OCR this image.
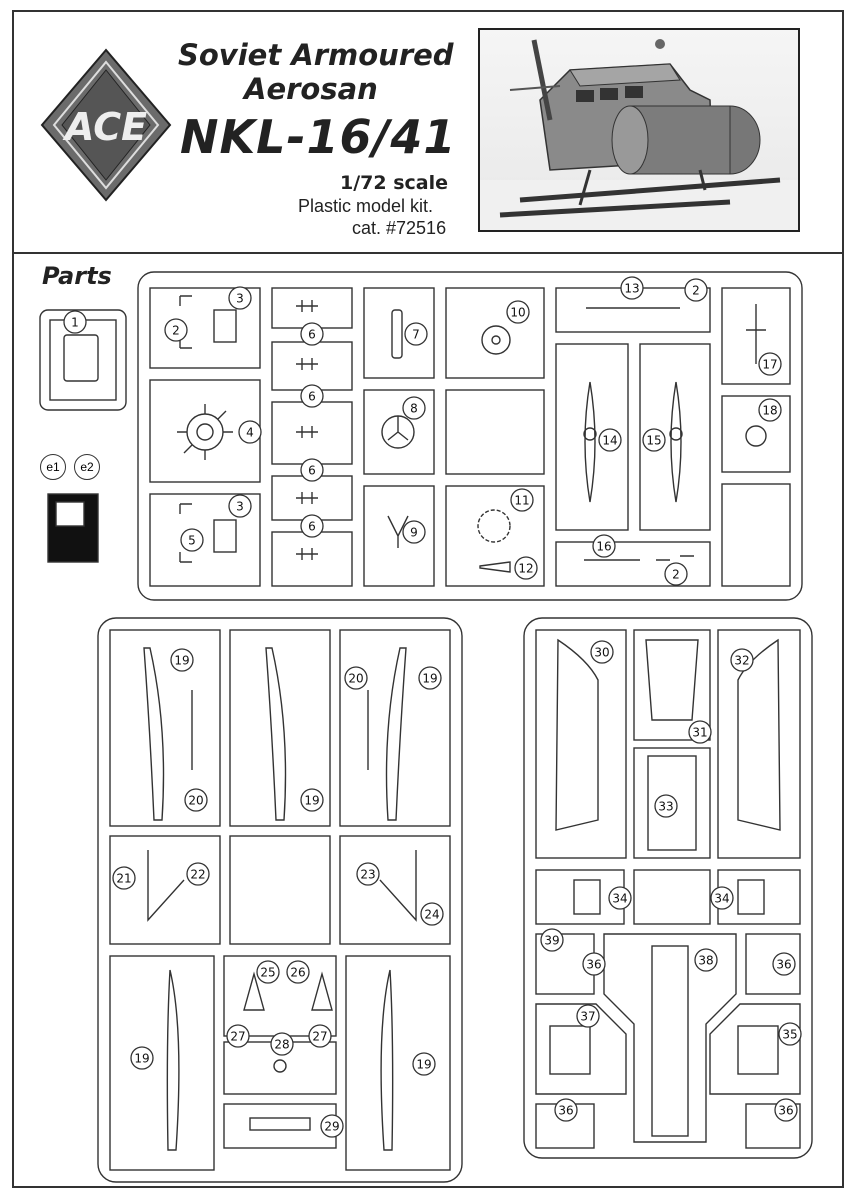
ACE
Soviet Armoured
Aerosan
NKL-16/41
1/72 scale
Plastic model kit.
cat. #72516
Parts
1
2
3
4
5
3
6
6
6
6
7
8
9
10
11
12
13	2
14 15
16
2
17
18
19
20	19
20	19
21	22	23
24
25 26
27
28
27
19	19
29
30
31
32
33
34	34
39
36	38	36
37
35
36	36
e1	e2
